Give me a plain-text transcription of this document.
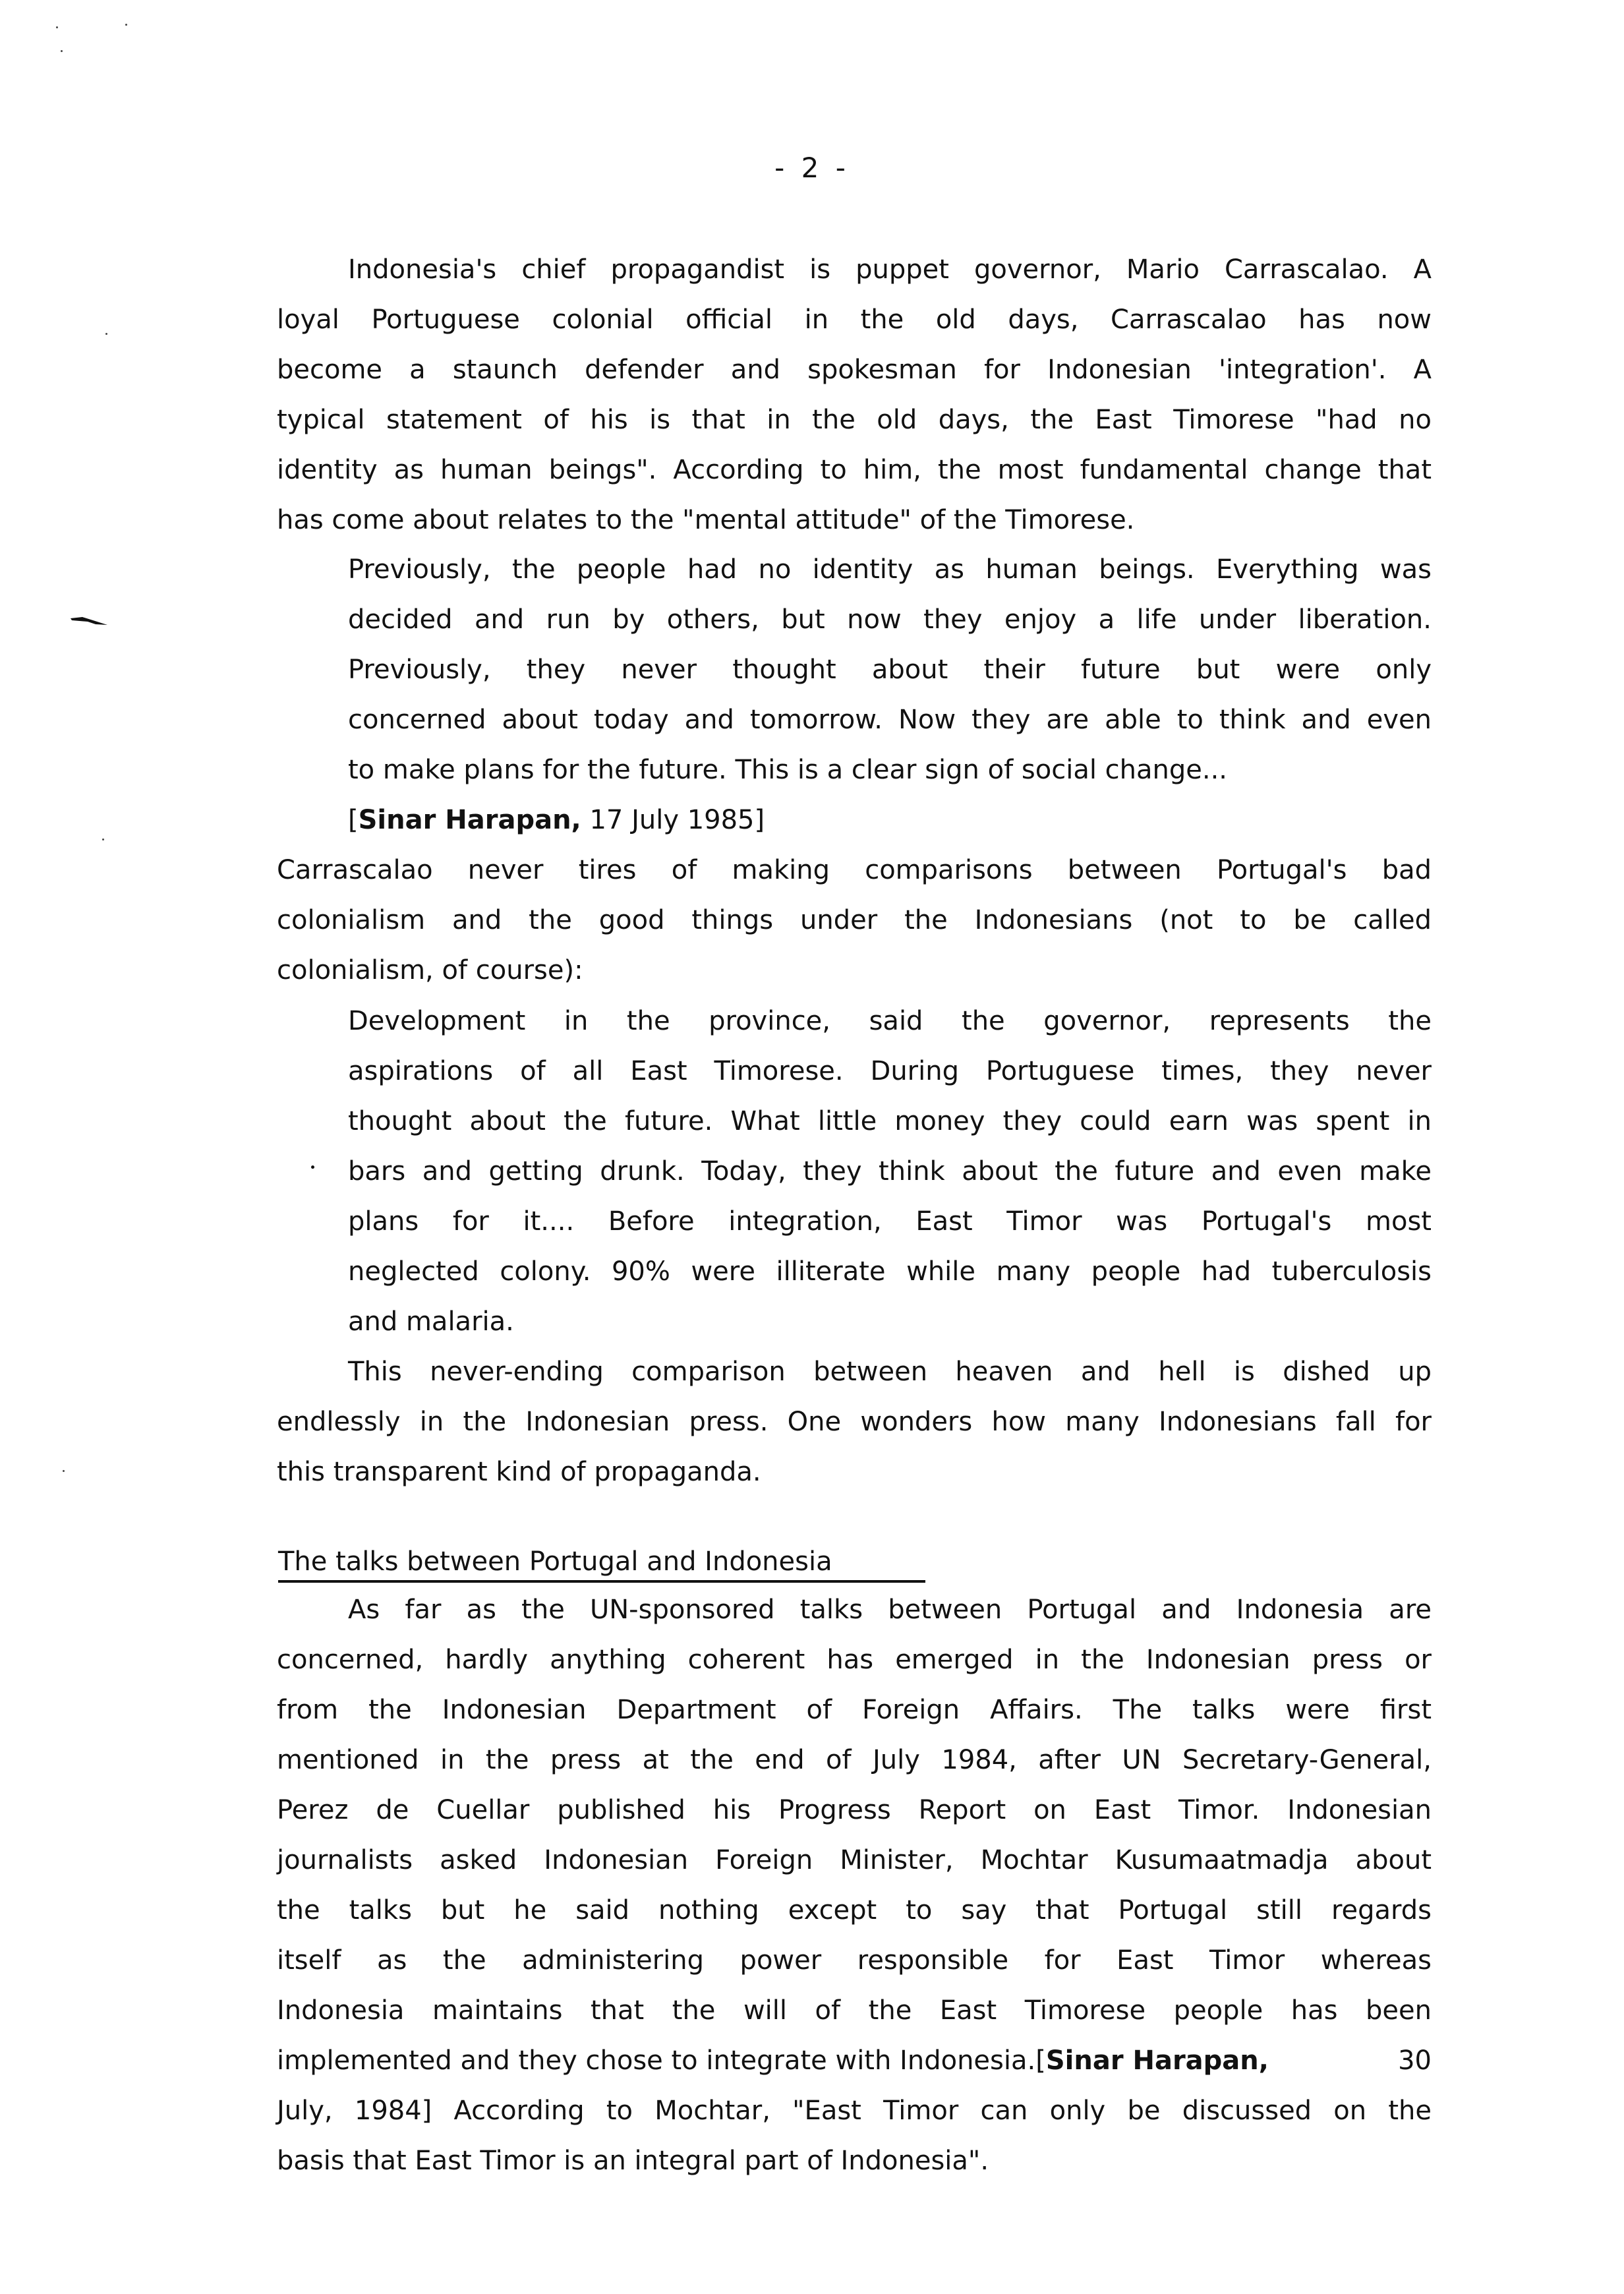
- 2 -
Indonesia's chief propagandist is puppet governor, Mario Carrascalao. A
loyal Portuguese colonial official in the old days, Carrascalao has now
become a staunch defender and spokesman for Indonesian 'integration'. A
typical statement of his is that in the old days, the East Timorese "had no
identity as human beings". According to him, the most fundamental change that
has come about relates to the "mental attitude" of the Timorese.
Previously, the people had no identity as human beings. Everything was
decided and run by others, but now they enjoy a life under liberation.
Previously, they never thought about their future but were only
concerned about today and tomorrow. Now they are able to think and even
to make plans for the future. This is a clear sign of social change...
[Sinar Harapan, 17 July 1985]
Carrascalao never tires of making comparisons between Portugal's bad
colonialism and the good things under the Indonesians (not to be called
colonialism, of course):
Development in the province, said the governor, represents the
aspirations of all East Timorese. During Portuguese times, they never
thought about the future. What little money they could earn was spent in
bars and getting drunk. Today, they think about the future and even make
plans for it.... Before integration, East Timor was Portugal's most
neglected colony. 90% were illiterate while many people had tuberculosis
and malaria.
This never-ending comparison between heaven and hell is dished up
endlessly in the Indonesian press. One wonders how many Indonesians fall for
this transparent kind of propaganda.
The talks between Portugal and Indonesia
As far as the UN-sponsored talks between Portugal and Indonesia are
concerned, hardly anything coherent has emerged in the Indonesian press or
from the Indonesian Department of Foreign Affairs. The talks were first
mentioned in the press at the end of July 1984, after UN Secretary-General,
Perez de Cuellar published his Progress Report on East Timor. Indonesian
journalists asked Indonesian Foreign Minister, Mochtar Kusumaatmadja about
the talks but he said nothing except to say that Portugal still regards
itself as the administering power responsible for East Timor whereas
Indonesia maintains that the will of the East Timorese people has been
implemented and they chose to integrate with Indonesia.[Sinar Harapan,	30
July, 1984] According to Mochtar, "East Timor can only be discussed on the
basis that East Timor is an integral part of Indonesia".
